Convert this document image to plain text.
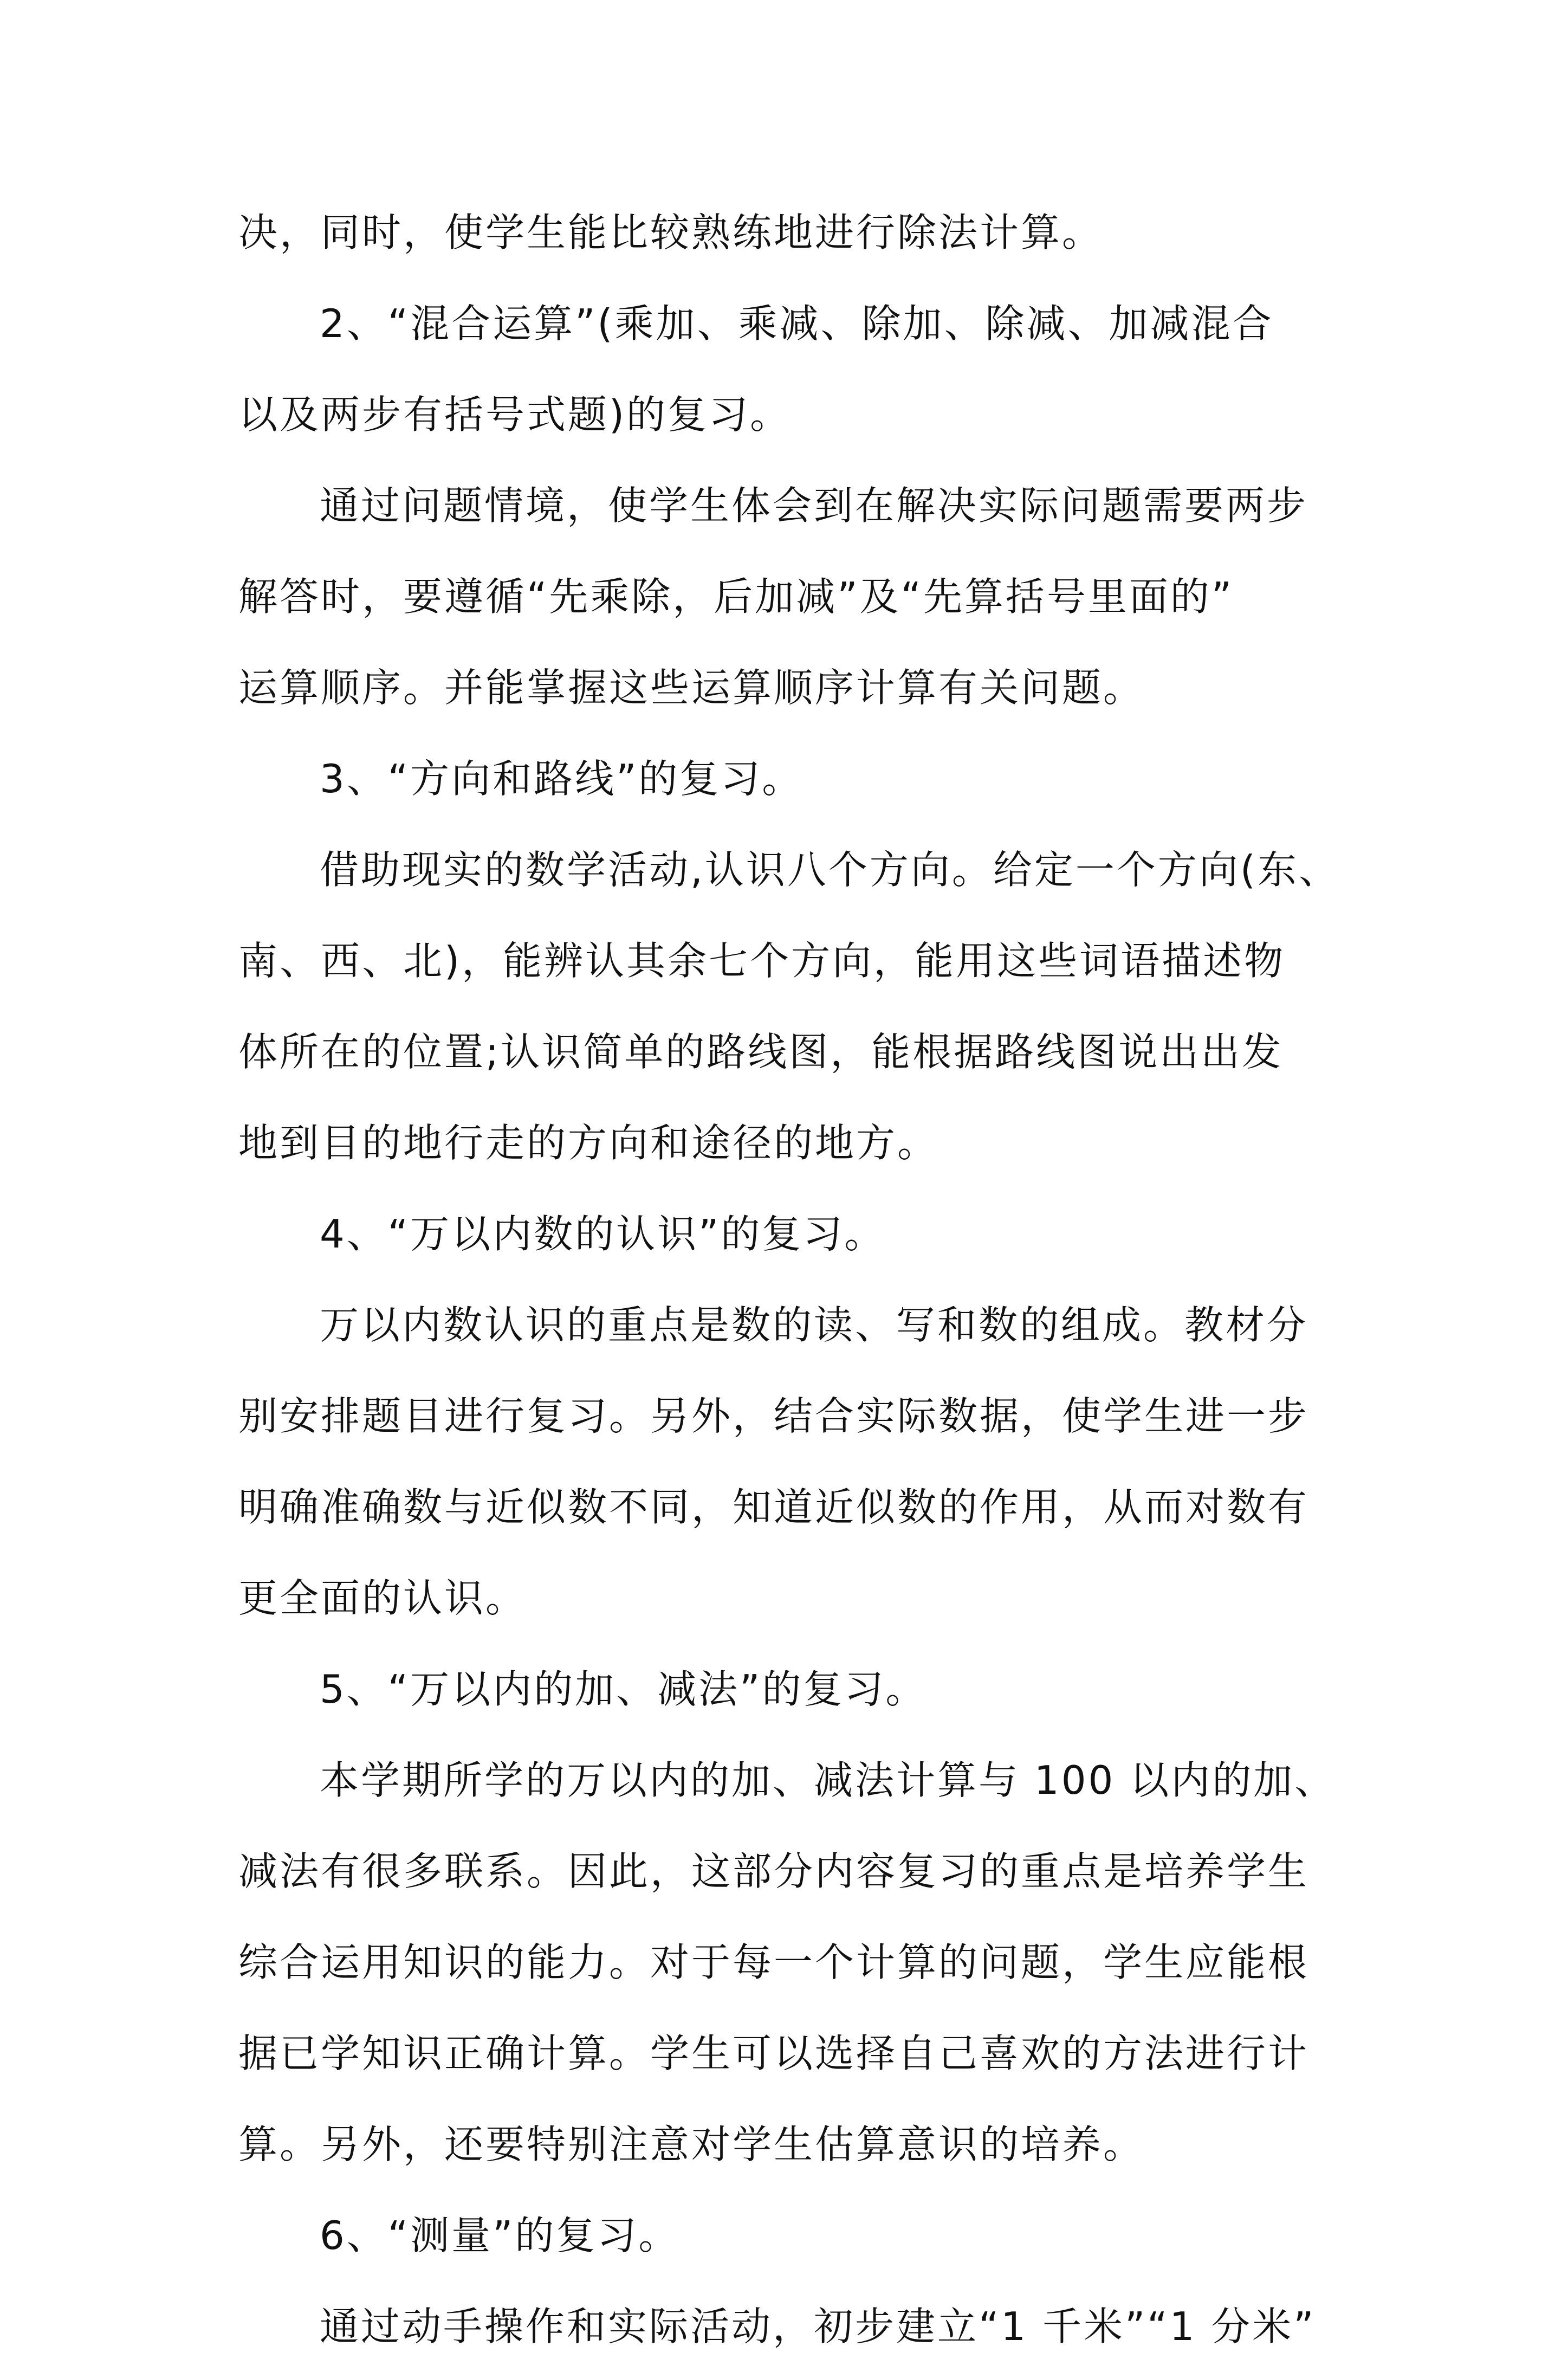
决，同时，使学生能比较熟练地进行除法计算。
2、“混合运算”(乘加、乘减、除加、除减、加减混合
以及两步有括号式题)的复习。
通过问题情境，使学生体会到在解决实际问题需要两步
解答时，要遵循“先乘除，后加减”及“先算括号里面的”
运算顺序。并能掌握这些运算顺序计算有关问题。
3、“方向和路线”的复习。
借助现实的数学活动,认识八个方向。给定一个方向(东、
南、西、北)，能辨认其余七个方向，能用这些词语描述物
体所在的位置;认识简单的路线图，能根据路线图说出出发
地到目的地行走的方向和途径的地方。
4、“万以内数的认识”的复习。
万以内数认识的重点是数的读、写和数的组成。教材分
别安排题目进行复习。另外，结合实际数据，使学生进一步
明确准确数与近似数不同，知道近似数的作用，从而对数有
更全面的认识。
5、“万以内的加、减法”的复习。
本学期所学的万以内的加、减法计算与 100 以内的加、
减法有很多联系。因此，这部分内容复习的重点是培养学生
综合运用知识的能力。对于每一个计算的问题，学生应能根
据已学知识正确计算。学生可以选择自己喜欢的方法进行计
算。另外，还要特别注意对学生估算意识的培养。
6、“测量”的复习。
通过动手操作和实际活动，初步建立“1 千米”“1 分米”
